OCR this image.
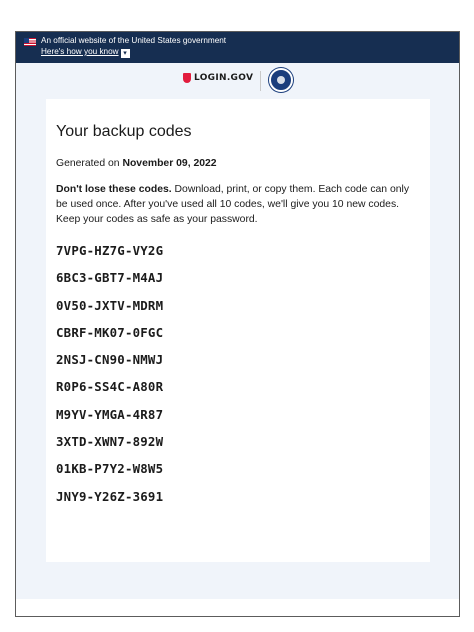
An official website of the United States government
Here's how you know ▾
LOGIN.GOV
Your backup codes

Generated on November 09, 2022

Don't lose these codes. Download, print, or copy them. Each code can only be used once. After you've used all 10 codes, we'll give you 10 new codes. Keep your codes as safe as your password.

7VPG-HZ7G-VY2G
6BC3-GBT7-M4AJ
0V50-JXTV-MDRM
CBRF-MK07-0FGC
2NSJ-CN90-NMWJ
R0P6-SS4C-A80R
M9YV-YMGA-4R87
3XTD-XWN7-892W
01KB-P7Y2-W8W5
JNY9-Y26Z-3691
